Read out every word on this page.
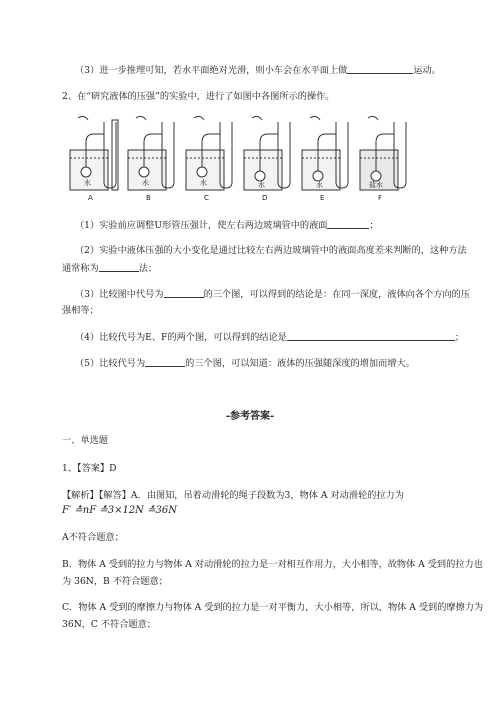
（3）进一步推理可知，若水平面绝对光滑，则小车会在水平面上做	运动。
2、在“研究液体的压强”的实验中，进行了如图中各图所示的操作。
水	水	水	水	水	盐水
A	B	C	D	E	F
（1）实验前应调整U形管压强计，使左右两边玻璃管中的液面	；
（2）实验中液体压强的大小变化是通过比较左右两边玻璃管中的液面高度差来判断的，这种方法
通常称为	法；
（3）比较图中代号为	的三个图，可以得到的结论是：在同一深度，液体向各个方向的压
强相等；
（4）比较代号为E、F的两个图，可以得到的结论是	；
（5）比较代号为	的三个图，可以知道：液体的压强随深度的增加而增大。
-参考答案-
一、单选题
1、【答案】D
【解析】【解答】A．由图知，吊着动滑轮的绳子段数为3，物体 A 对动滑轮的拉力为
F′ ≛nF ≛3×12N ≛36N
A不符合题意；
B．物体 A 受到的拉力与物体 A 对动滑轮的拉力是一对相互作用力，大小相等，故物体 A 受到的拉力也
为 36N，B 不符合题意；
C．物体 A 受到的摩擦力与物体 A 受到的拉力是一对平衡力，大小相等，所以，物体 A 受到的摩擦力为
36N，C 不符合题意；
